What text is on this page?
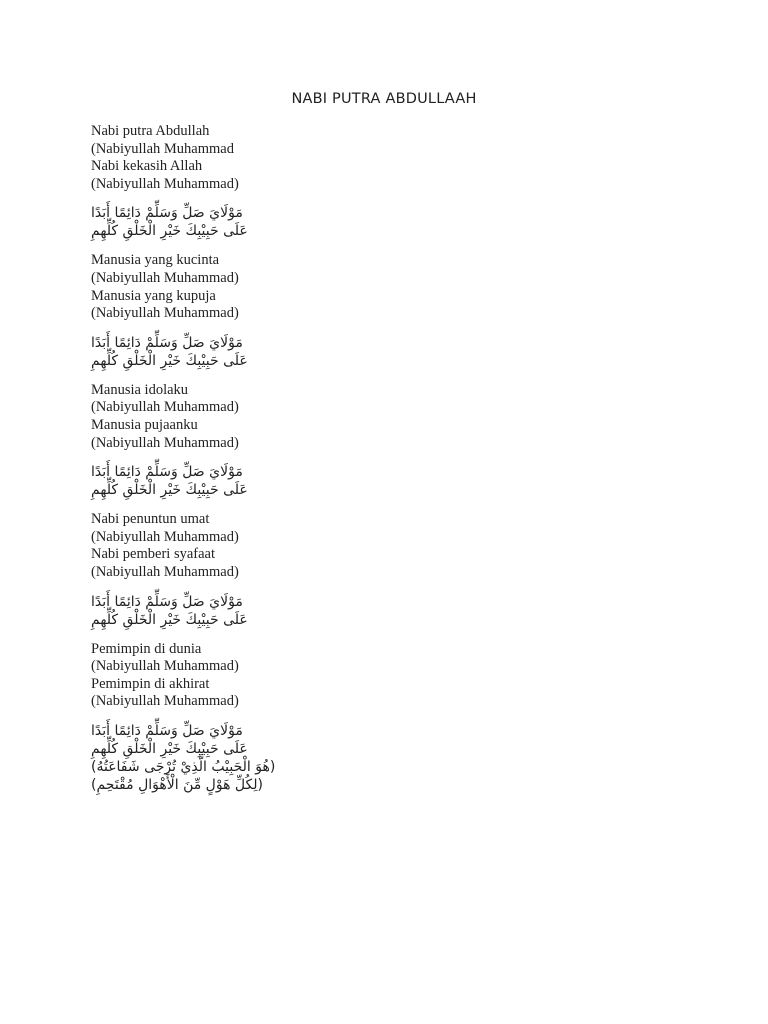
NABI PUTRA ABDULLAAH
Nabi putra Abdullah
(Nabiyullah Muhammad
Nabi kekasih Allah
(Nabiyullah Muhammad)
مَوْلَايَ صَلِّ وَسَلِّمْ دَائِمًا أَبَدًا
عَلَى حَبِيْبِكَ خَيْرِ الْخَلْقِ كُلِّهِمِ
Manusia yang kucinta
(Nabiyullah Muhammad)
Manusia yang kupuja
(Nabiyullah Muhammad)
مَوْلَايَ صَلِّ وَسَلِّمْ دَائِمًا أَبَدًا
عَلَى حَبِيْبِكَ خَيْرِ الْخَلْقِ كُلِّهِمِ
Manusia idolaku
(Nabiyullah Muhammad)
Manusia pujaanku
(Nabiyullah Muhammad)
مَوْلَايَ صَلِّ وَسَلِّمْ دَائِمًا أَبَدًا
عَلَى حَبِيْبِكَ خَيْرِ الْخَلْقِ كُلِّهِمِ
Nabi penuntun umat
(Nabiyullah Muhammad)
Nabi pemberi syafaat
(Nabiyullah Muhammad)
مَوْلَايَ صَلِّ وَسَلِّمْ دَائِمًا أَبَدًا
عَلَى حَبِيْبِكَ خَيْرِ الْخَلْقِ كُلِّهِمِ
Pemimpin di dunia
(Nabiyullah Muhammad)
Pemimpin di akhirat
(Nabiyullah Muhammad)
مَوْلَايَ صَلِّ وَسَلِّمْ دَائِمًا أَبَدًا
عَلَى حَبِيْبِكَ خَيْرِ الْخَلْقِ كُلِّهِمِ
(هُوَ الْحَبِيْبُ الَّذِيْ تُرْجَى شَفَاعَتُهُ)
(لِكُلِّ هَوْلٍ مِّنَ الْأَهْوَالِ مُقْتَحِمِ)
